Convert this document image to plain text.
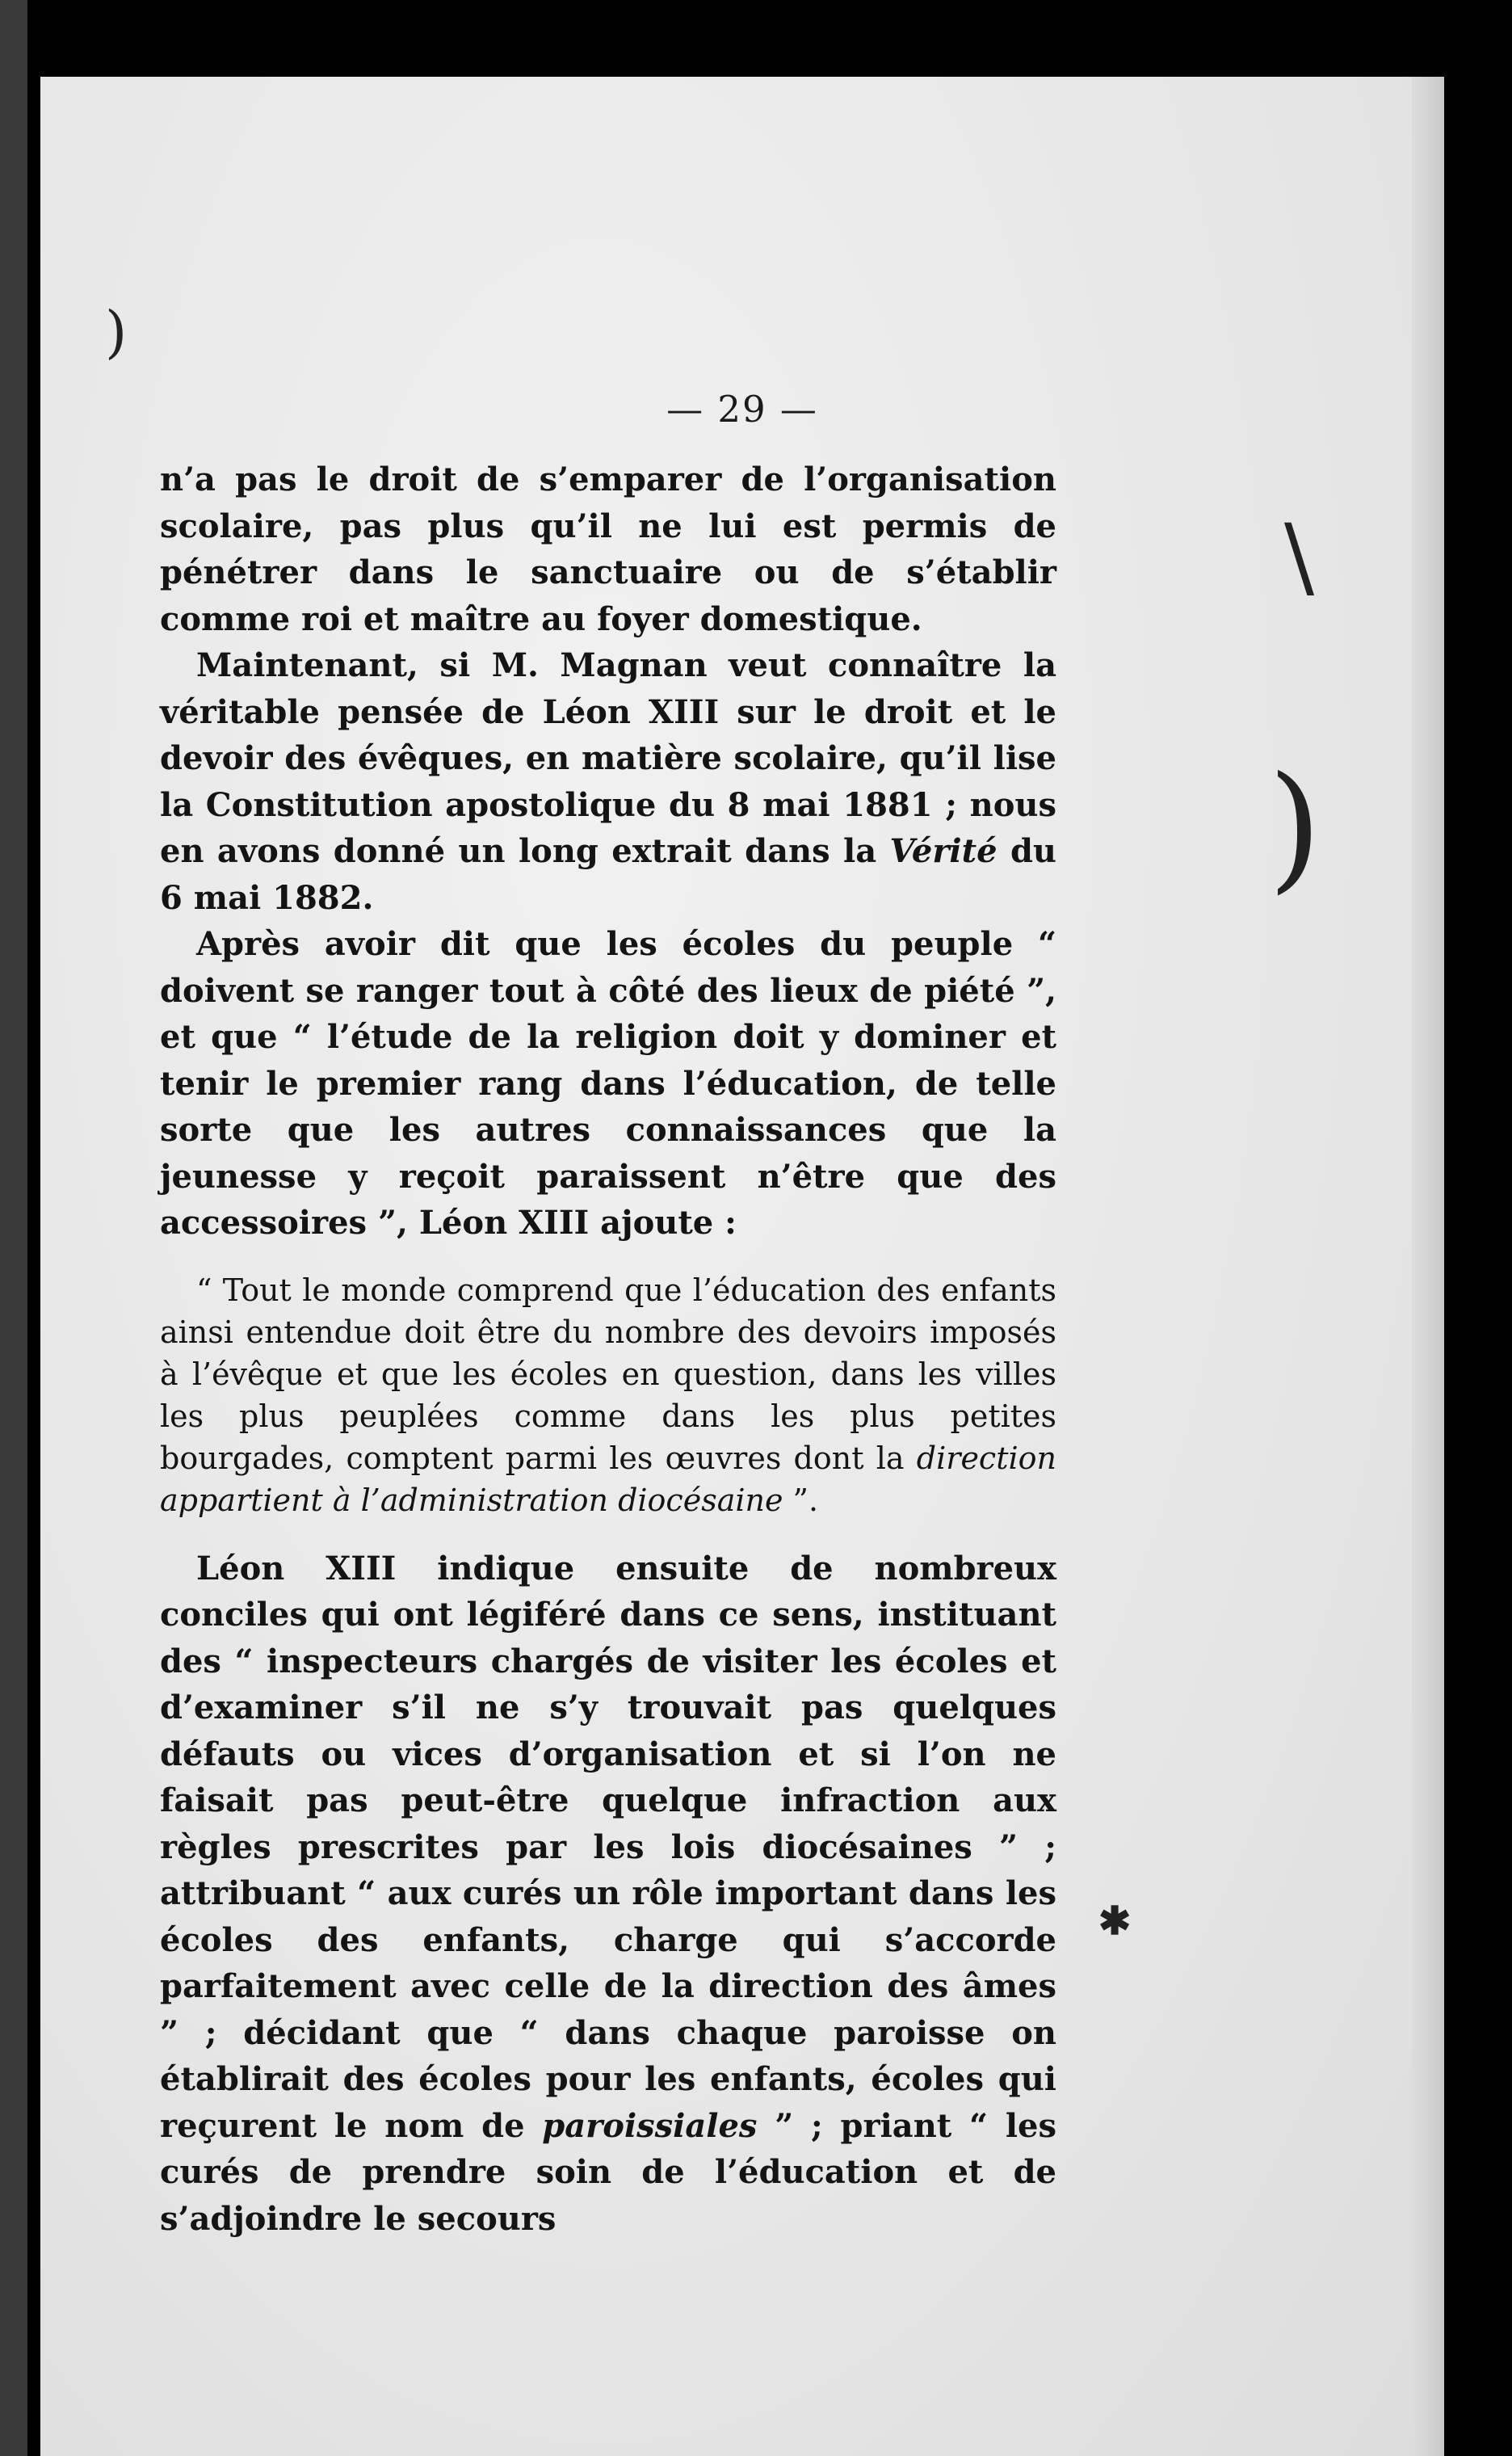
)
\
)
✱
— 29 —

n’a pas le droit de s’emparer de l’organisation scolaire, pas plus qu’il ne lui est permis de pénétrer dans le sanctuaire ou de s’établir comme roi et maître au foyer domestique.

Maintenant, si M. Magnan veut connaître la véritable pensée de Léon XIII sur le droit et le devoir des évêques, en matière scolaire, qu’il lise la Constitution apostolique du 8 mai 1881 ; nous en avons donné un long extrait dans la Vérité du 6 mai 1882.

Après avoir dit que les écoles du peuple “ doivent se ranger tout à côté des lieux de piété ”, et que “ l’étude de la religion doit y dominer et tenir le premier rang dans l’éducation, de telle sorte que les autres connaissances que la jeunesse y reçoit paraissent n’être que des accessoires ”, Léon XIII ajoute :

“ Tout le monde comprend que l’éducation des enfants ainsi entendue doit être du nombre des devoirs imposés à l’évêque et que les écoles en question, dans les villes les plus peuplées comme dans les plus petites bourgades, comptent parmi les œuvres dont la direction appartient à l’administration diocésaine ”.

Léon XIII indique ensuite de nombreux conciles qui ont légiféré dans ce sens, instituant des “ inspecteurs chargés de visiter les écoles et d’examiner s’il ne s’y trouvait pas quelques défauts ou vices d’organisation et si l’on ne faisait pas peut-être quelque infraction aux règles prescrites par les lois diocésaines ” ; attribuant “ aux curés un rôle important dans les écoles des enfants, charge qui s’accorde parfaitement avec celle de la direction des âmes ” ; décidant que “ dans chaque paroisse on établirait des écoles pour les enfants, écoles qui reçurent le nom de paroissiales ” ; priant “ les curés de prendre soin de l’éducation et de s’adjoindre le secours
